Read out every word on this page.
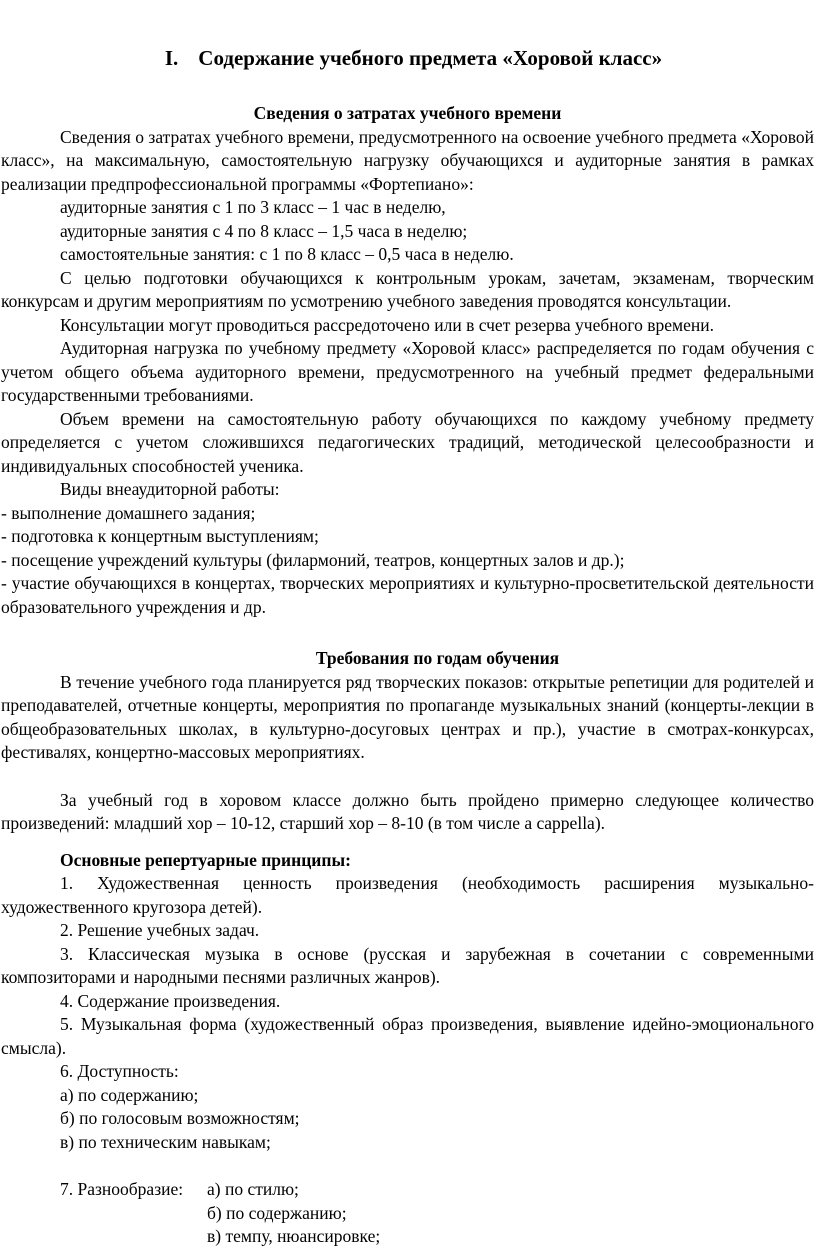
I. Содержание учебного предмета «Хоровой класс»
Сведения о затратах учебного времени

Сведения о затратах учебного времени, предусмотренного на освоение учебного предмета «Хоровой класс», на максимальную, самостоятельную нагрузку обучающихся и аудиторные занятия в рамках реализации предпрофессиональной программы «Фортепиано»:

аудиторные занятия с 1 по 3 класс – 1 час в неделю,

аудиторные занятия с 4 по 8 класс – 1,5 часа в неделю;

самостоятельные занятия: с 1 по 8 класс – 0,5 часа в неделю.

С целью подготовки обучающихся к контрольным урокам, зачетам, экзаменам, творческим конкурсам и другим мероприятиям по усмотрению учебного заведения проводятся консультации.

Консультации могут проводиться рассредоточено или в счет резерва учебного времени.

Аудиторная нагрузка по учебному предмету «Хоровой класс» распределяется по годам обучения с учетом общего объема аудиторного времени, предусмотренного на учебный предмет федеральными государственными требованиями.

Объем времени на самостоятельную работу обучающихся по каждому учебному предмету определяется с учетом сложившихся педагогических традиций, методической целесообразности и индивидуальных способностей ученика.

Виды внеаудиторной работы:

- выполнение домашнего задания;

- подготовка к концертным выступлениям;

- посещение учреждений культуры (филармоний, театров, концертных залов и др.);

- участие обучающихся в концертах, творческих мероприятиях и культурно-просветительской деятельности образовательного учреждения и др.

Требования по годам обучения

В течение учебного года планируется ряд творческих показов: открытые репетиции для родителей и преподавателей, отчетные концерты, мероприятия по пропаганде музыкальных знаний (концерты-лекции в общеобразовательных школах, в культурно-досуговых центрах и пр.), участие в смотрах-конкурсах, фестивалях, концертно-массовых мероприятиях.

За учебный год в хоровом классе должно быть пройдено примерно следующее количество произведений: младший хор – 10-12, старший хор – 8-10 (в том числе а cappella).

Основные репертуарные принципы:

1. Художественная ценность произведения (необходимость расширения музыкально-художественного кругозора детей).

2. Решение учебных задач.

3. Классическая музыка в основе (русская и зарубежная в сочетании с современными композиторами и народными песнями различных жанров).

4. Содержание произведения.

5. Музыкальная форма (художественный образ произведения, выявление идейно-эмоционального смысла).

6. Доступность:

а) по содержанию;

б) по голосовым возможностям;

в) по техническим навыкам;

7. Разнообразие: а) по стилю;
б) по содержанию;
в) темпу, нюансировке;
